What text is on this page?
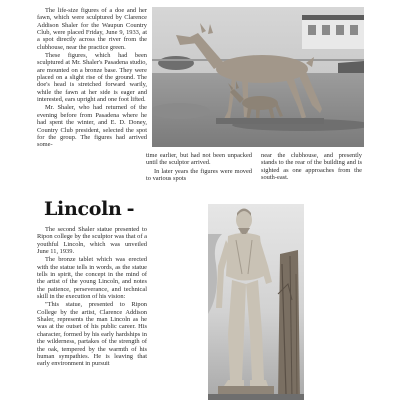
The life-size figures of a doe and her fawn, which were sculptured by Clarence Addison Shaler for the Waupun Country Club, were placed Friday, June 9, 1933, at a spot directly across the river from the clubhouse, near the practice green.

These figures, which had been sculptured at Mr. Shaler's Pasadena studio, are mounted on a bronze base. They were placed on a slight rise of the ground. The doe's head is stretched forward warily, while the fawn at her side is eager and interested, ears upright and one foot lifted.

Mr. Shaler, who had returned of the evening before from Pasadena where he had spent the winter, and E. D. Doney, Country Club president, selected the spot for the group. The figures had arrived some-

time earlier, but had not been unpacked until the sculptor arrived.

In later years the figures were moved to various spots

near the clubhouse, and presently stands to the rear of the building and is sighted as one approaches from the south-east.

Lincoln -

The second Shaler statue presented to Ripon college by the sculptor was that of a youthful Lincoln, which was unveiled June 11, 1939.

The bronze tablet which was erected with the statue tells in words, as the statue tells in spirit, the concept in the mind of the artist of the young Lincoln, and notes the patience, perseverance, and technical skill in the execution of his vision:

"This statue, presented to Ripon College by the artist, Clarence Addison Shaler, represents the man Lincoln as he was at the outset of his public career. His character, formed by his early hardships in the wilderness, partakes of the strength of the oak, tempered by the warmth of his human sympathies. He is leaving that early environment in pursuit
